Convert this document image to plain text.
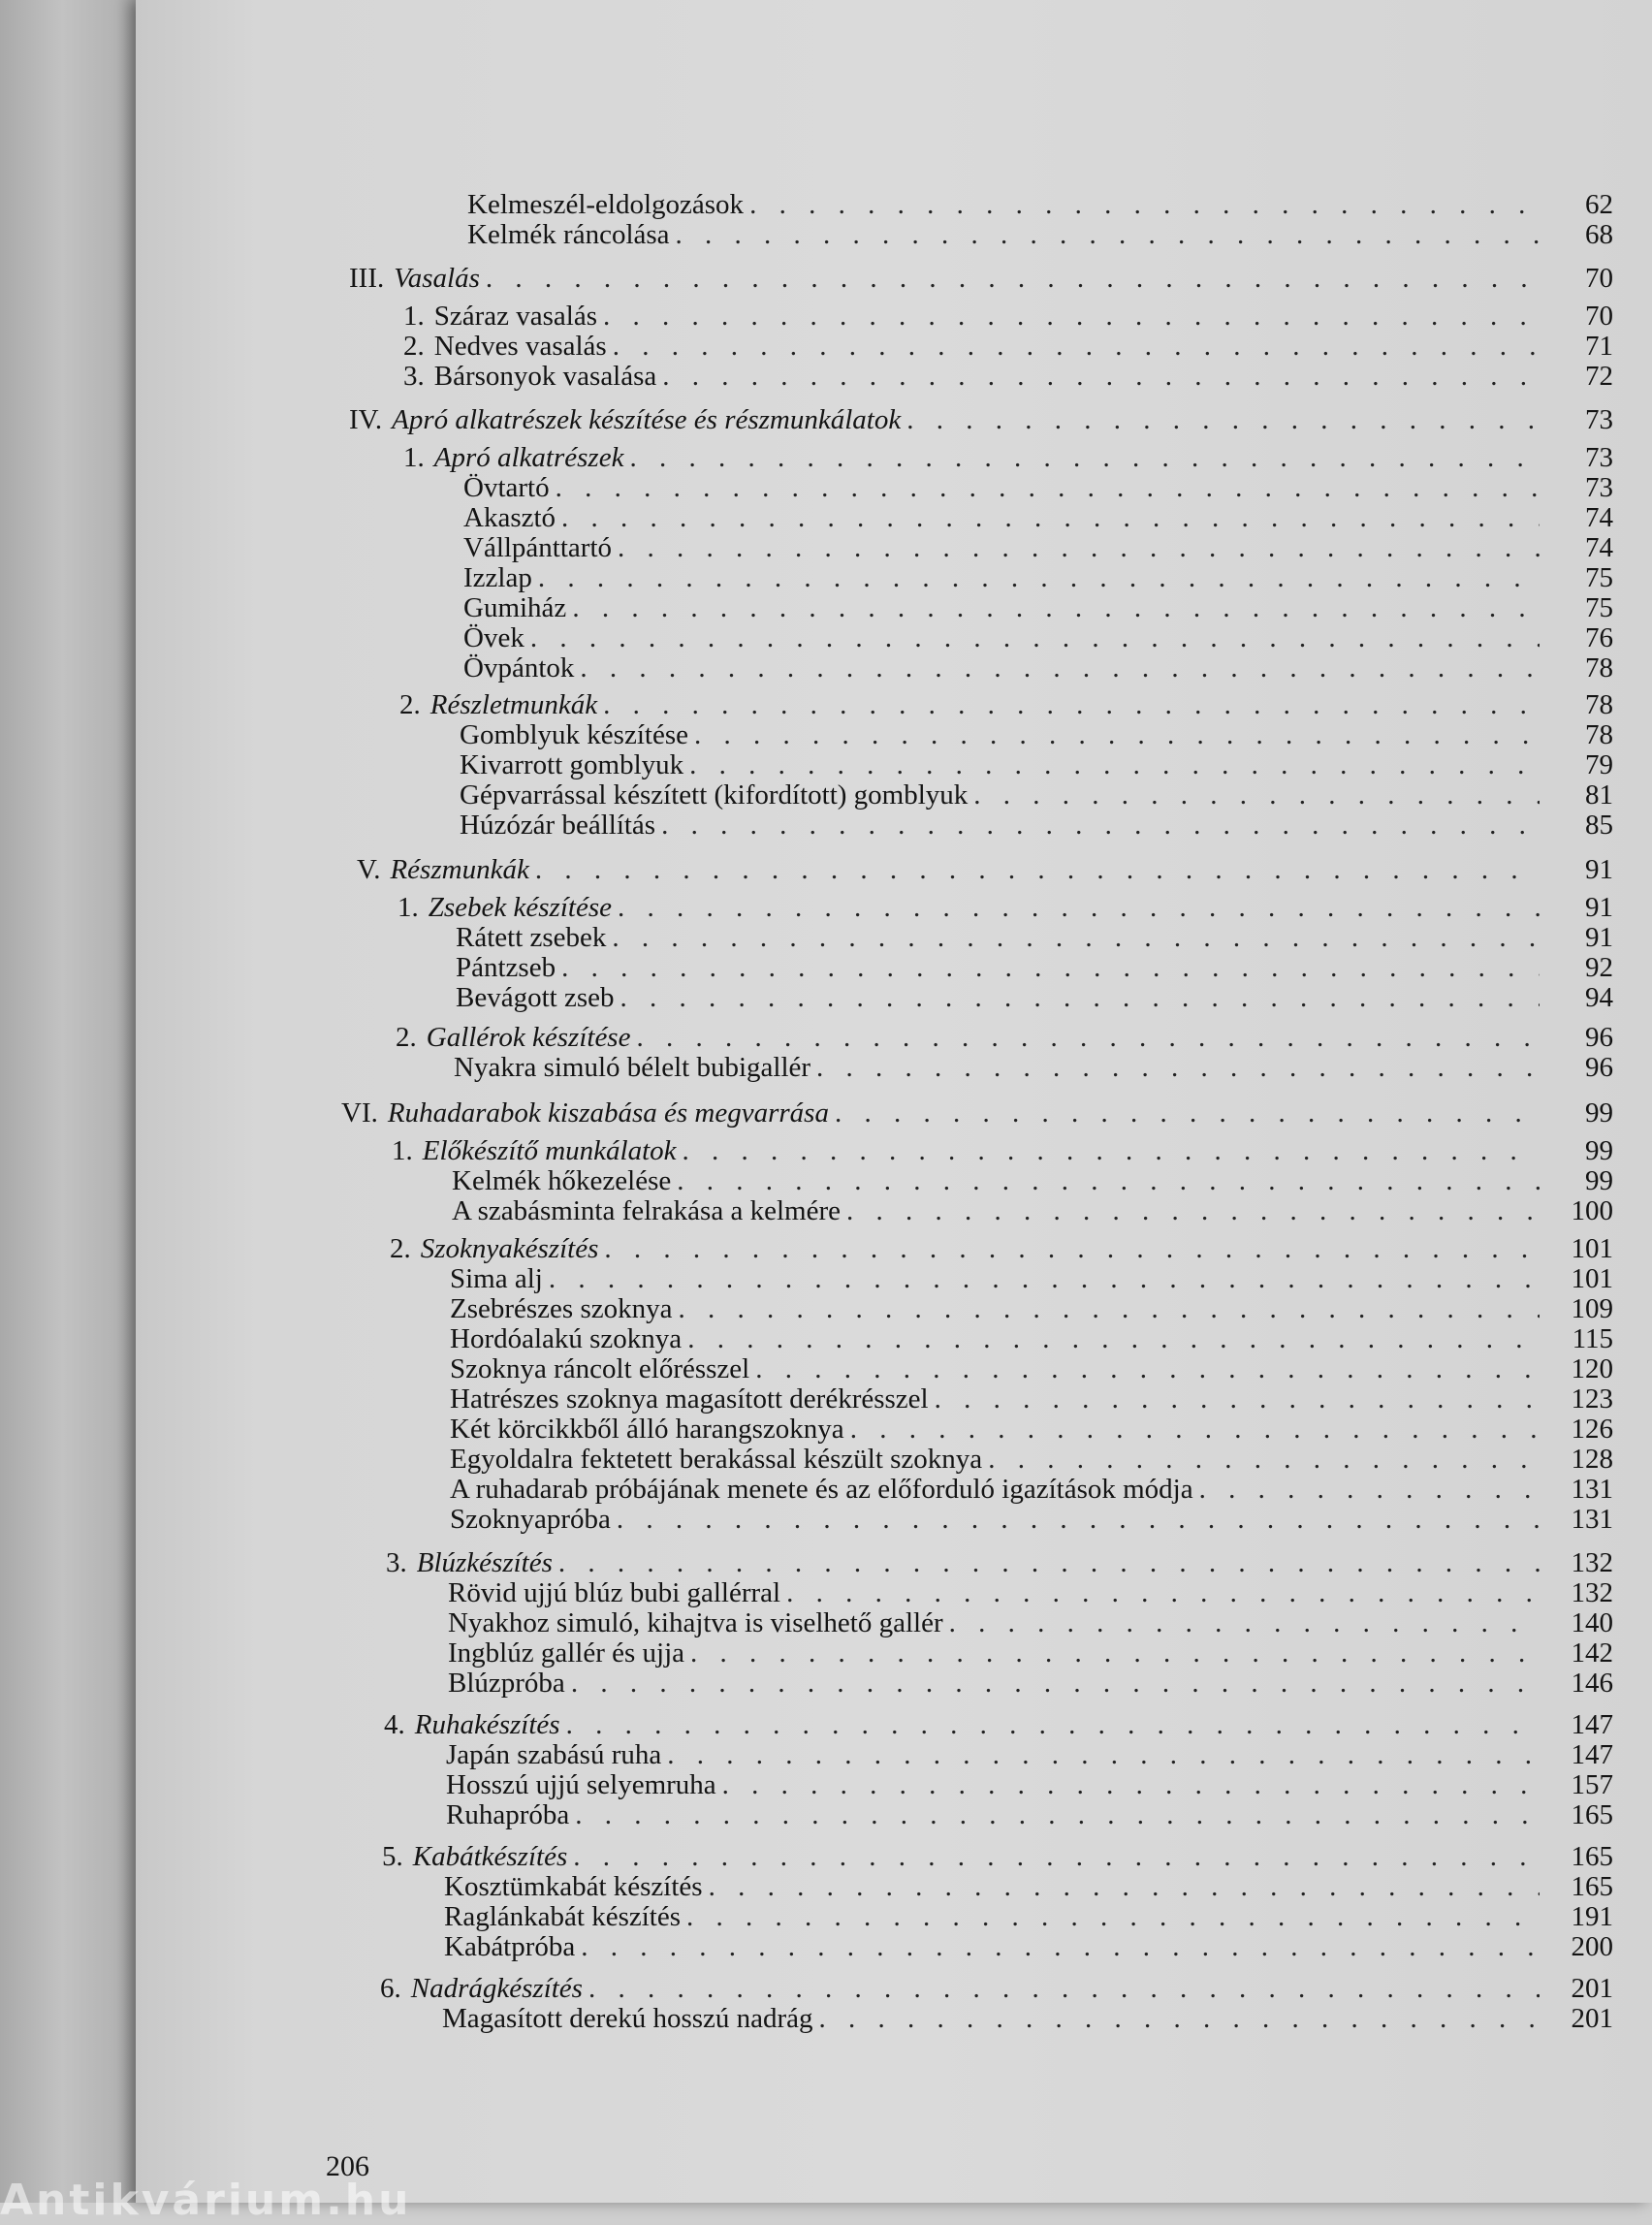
Kelmeszél-eldolgozások . . .	62
Kelmék ráncolása . . .	68
III. Vasalás . . .	70
1. Száraz vasalás . . .	70
2. Nedves vasalás . . .	71
3. Bársonyok vasalása . . .	72
IV. Apró alkatrészek készítése és részmunkálatok . . .	73
1. Apró alkatrészek . . .	73
Övtartó . . .	73
Akasztó . . .	74
Vállpánttartó . . .	74
Izzlap . . .	75
Gumiház . . .	75
Övek . . .	76
Övpántok . . .	78
2. Részletmunkák . . .	78
Gomblyuk készítése . . .	78
Kivarrott gomblyuk . . .	79
Gépvarrással készített (kifordított) gomblyuk . . .	81
Húzózár beállítás . . .	85
V. Részmunkák . . .	91
1. Zsebek készítése . . .	91
Rátett zsebek . . .	91
Pántzseb . . .	92
Bevágott zseb . . .	94
2. Gallérok készítése . . .	96
Nyakra simuló bélelt bubigallér . . .	96
VI. Ruhadarabok kiszabása és megvarrása . . .	99
1. Előkészítő munkálatok . . .	99
Kelmék hőkezelése . . .	99
A szabásminta felrakása a kelmére . . .	100
2. Szoknyakészítés . . .	101
Sima alj . . .	101
Zsebrészes szoknya . . .	109
Hordóalakú szoknya . . .	115
Szoknya ráncolt előrésszel . . .	120
Hatrészes szoknya magasított derékrésszel . . .	123
Két körcikkből álló harangszoknya . . .	126
Egyoldalra fektetett berakással készült szoknya . . .	128
A ruhadarab próbájának menete és az előforduló igazítások módja . . .	131
Szoknyapróba . . .	131
3. Blúzkészítés . . .	132
Rövid ujjú blúz bubi gallérral . . .	132
Nyakhoz simuló, kihajtva is viselhető gallér . . .	140
Ingblúz gallér és ujja . . .	142
Blúzpróba . . .	146
4. Ruhakészítés . . .	147
Japán szabású ruha . . .	147
Hosszú ujjú selyemruha . . .	157
Ruhapróba . . .	165
5. Kabátkészítés . . .	165
Kosztümkabát készítés . . .	165
Raglánkabát készítés . . .	191
Kabátpróba . . .	200
6. Nadrágkészítés . . .	201
Magasított derekú hosszú nadrág . . .	201
206
Antikvárium.hu
